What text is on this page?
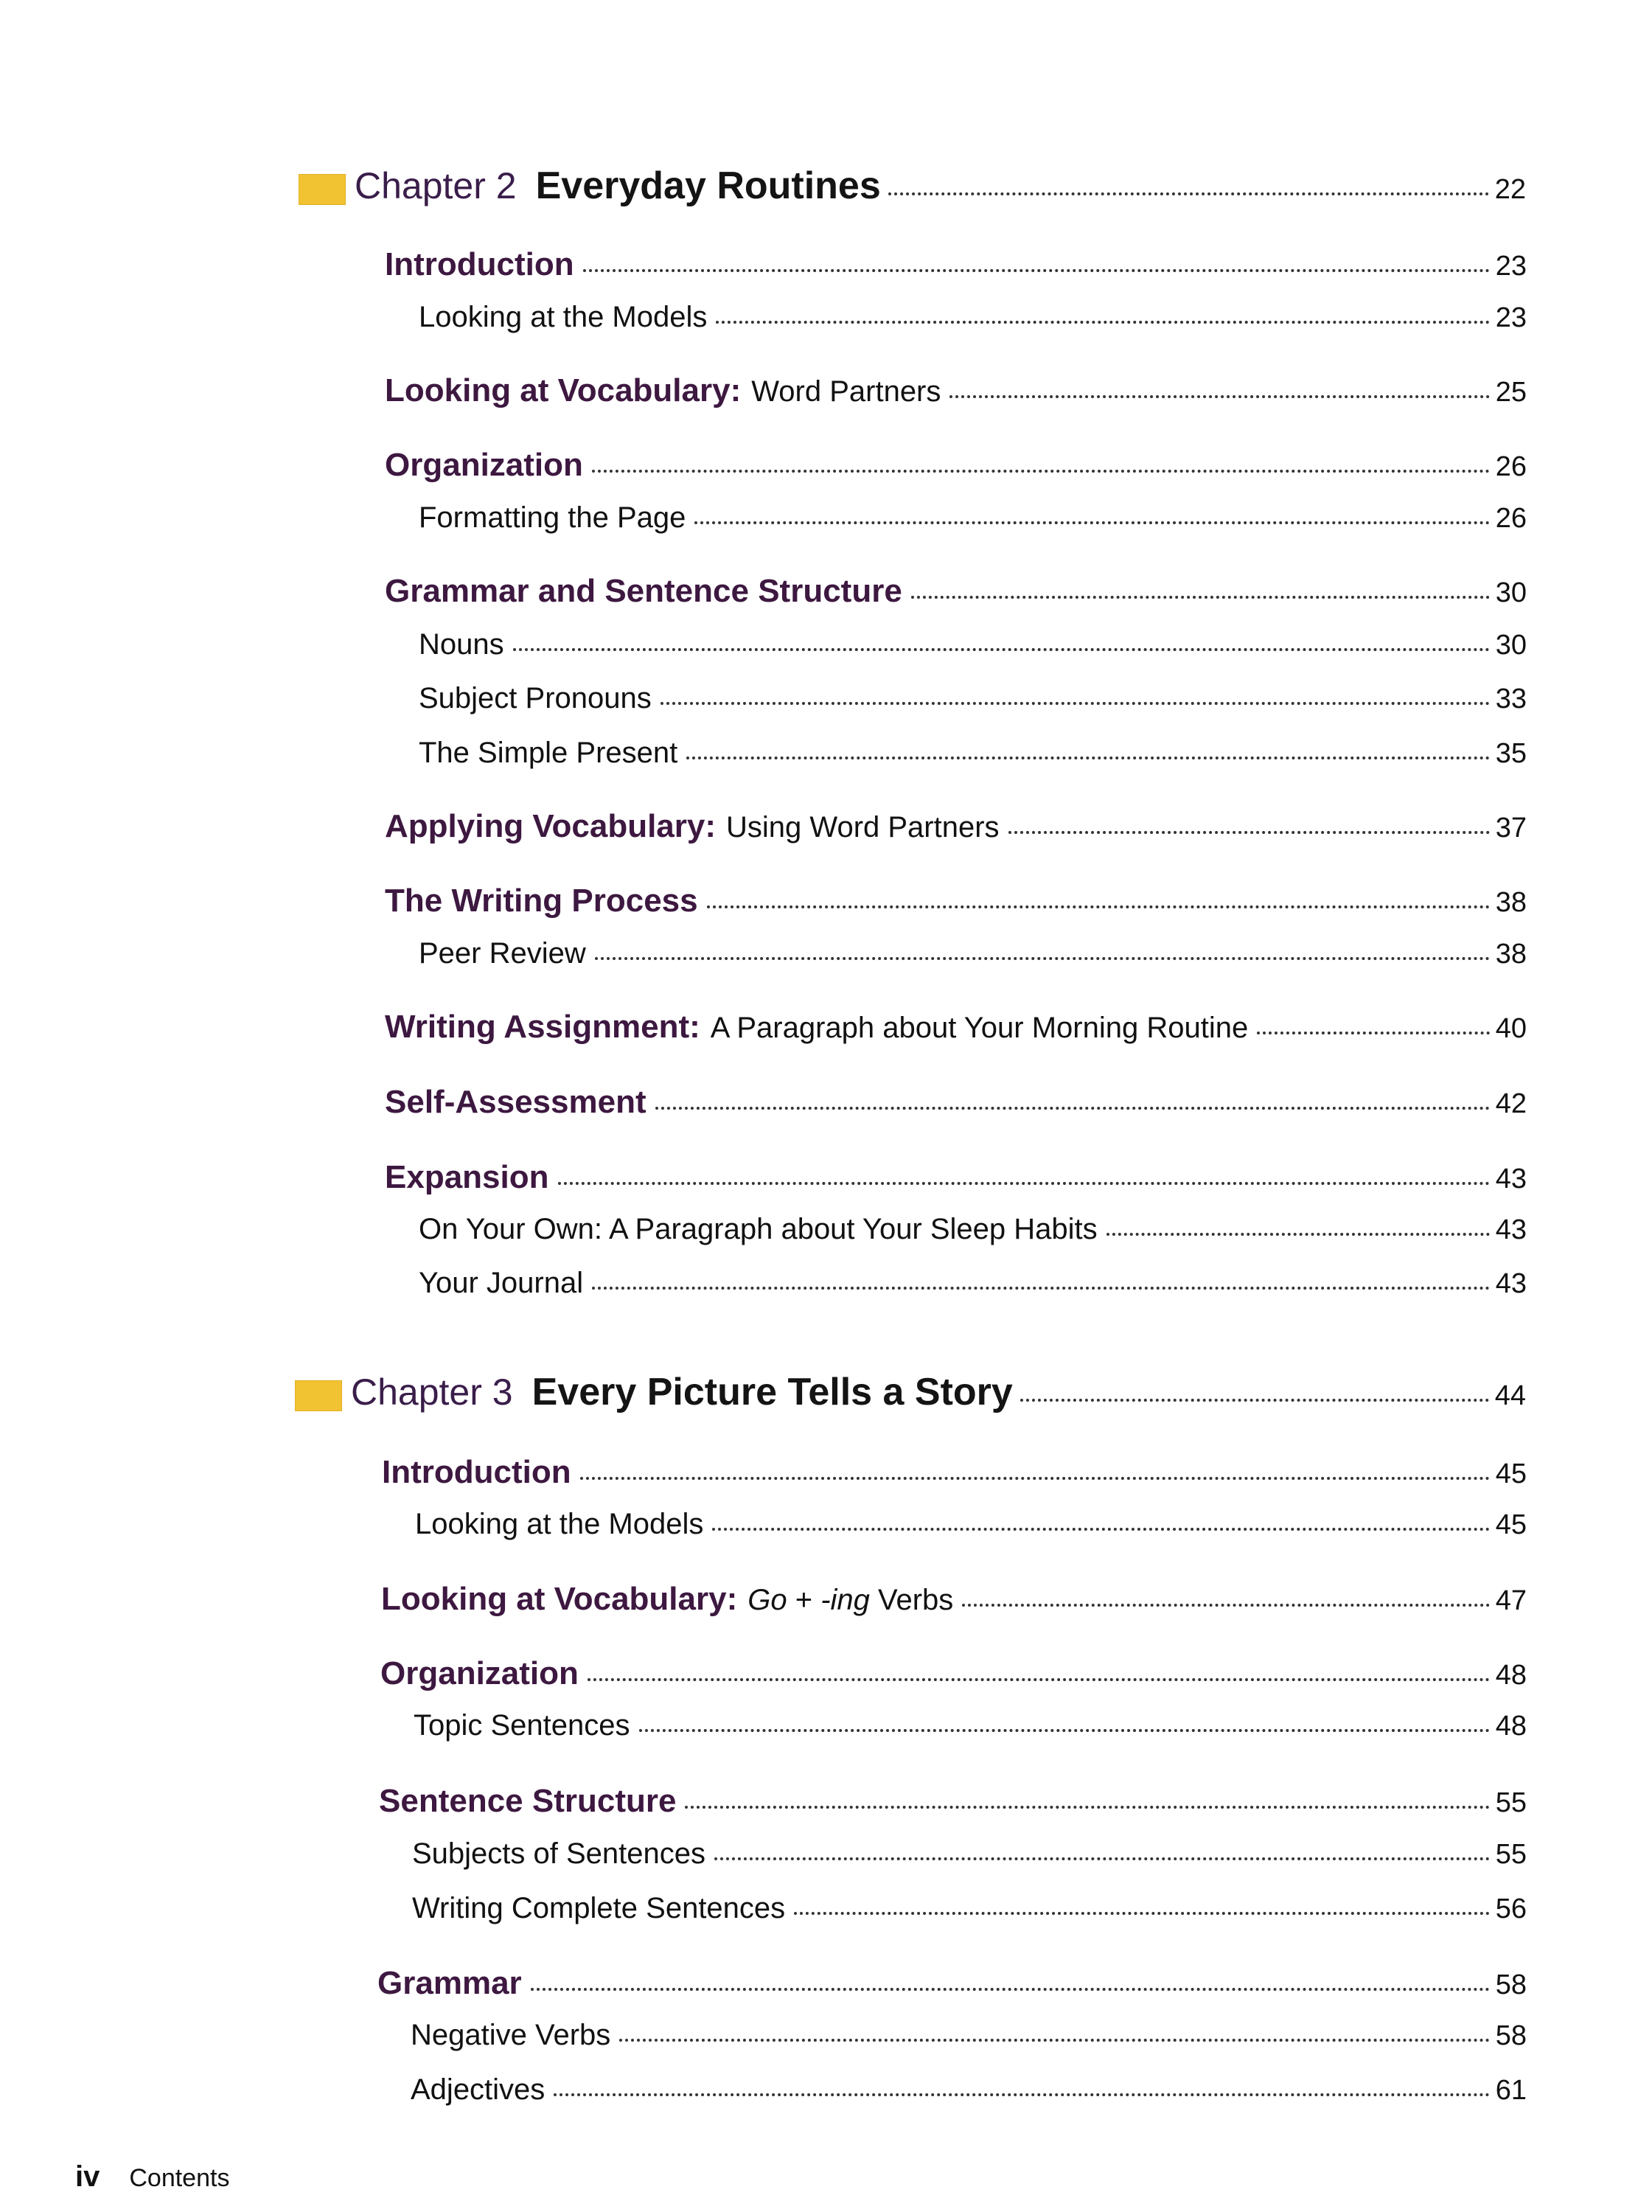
Chapter 2 Everyday Routines	22
Introduction	23
Looking at the Models	23
Looking at Vocabulary: Word Partners	25
Organization	26
Formatting the Page	26
Grammar and Sentence Structure	30
Nouns	30
Subject Pronouns	33
The Simple Present	35
Applying Vocabulary: Using Word Partners	37
The Writing Process	38
Peer Review	38
Writing Assignment: A Paragraph about Your Morning Routine	40
Self-Assessment	42
Expansion	43
On Your Own: A Paragraph about Your Sleep Habits	43
Your Journal	43
Chapter 3 Every Picture Tells a Story	44
Introduction	45
Looking at the Models	45
Looking at Vocabulary: Go + -ing Verbs	47
Organization	48
Topic Sentences	48
Sentence Structure	55
Subjects of Sentences	55
Writing Complete Sentences	56
Grammar	58
Negative Verbs	58
Adjectives	61
iv Contents
